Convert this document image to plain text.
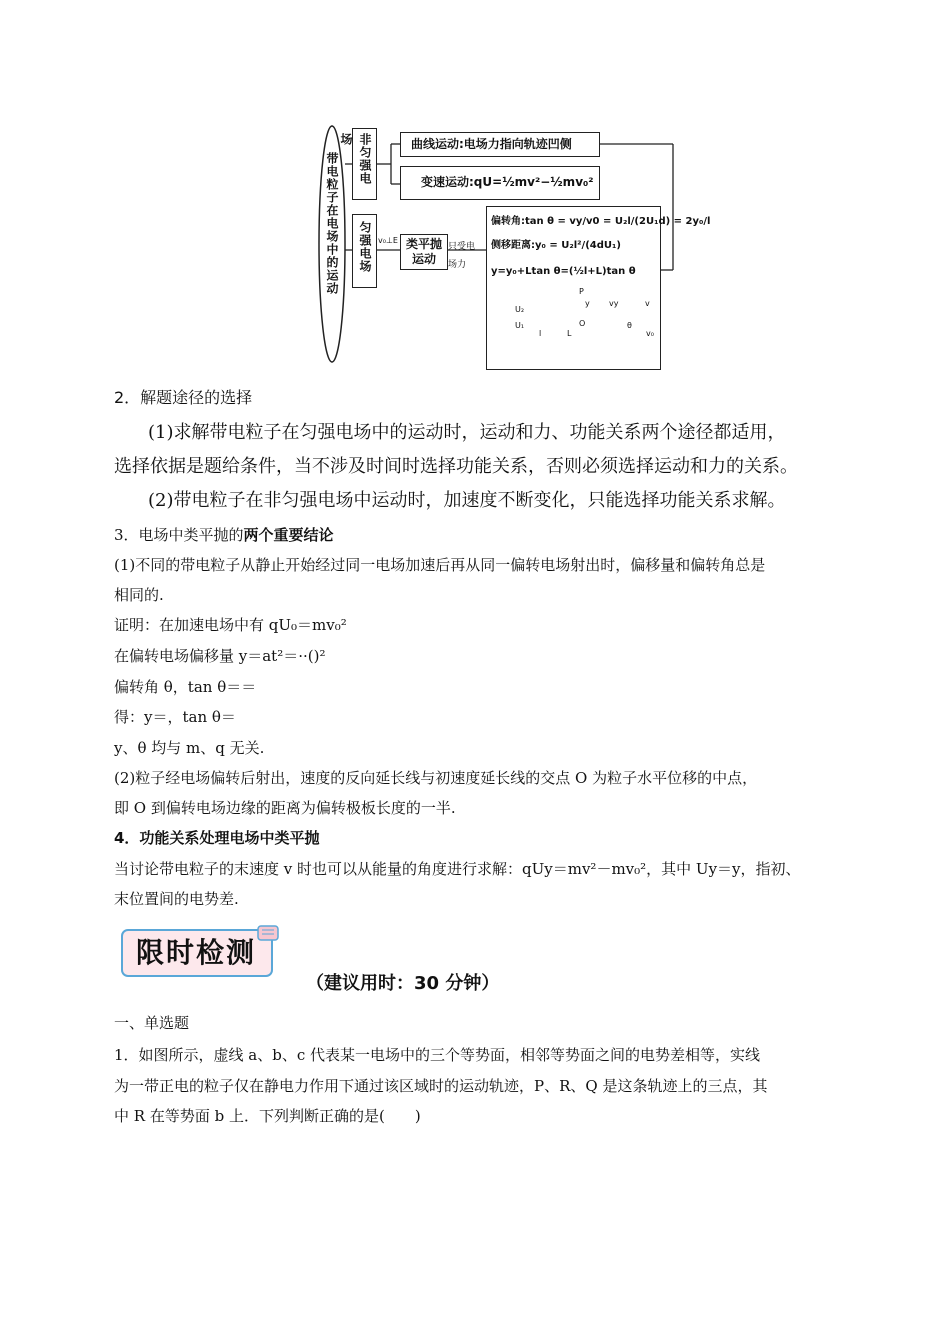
带电粒子在电场中的运动	非匀强电场
匀强电场
曲线运动:电场力指向轨迹凹侧
变速运动:qU=½mv²−½mv₀²
v₀⊥E 类平抛运动
只受电场力
偏转角:tan θ = vy/v0 = U₂l/(2U₁d) = 2y₀/l
侧移距离:y₀ = U₂l²/(4dU₁)
y=y₀+Ltan θ=(½l+L)tan θ
U₂
U₁
l	L
P
y
O
vy	v
θ
v₀
2．解题途径的选择
(1)求解带电粒子在匀强电场中的运动时，运动和力、功能关系两个途径都适用，
选择依据是题给条件，当不涉及时间时选择功能关系，否则必须选择运动和力的关系。
(2)带电粒子在非匀强电场中运动时，加速度不断变化，只能选择功能关系求解。
3．电场中类平抛的两个重要结论
(1)不同的带电粒子从静止开始经过同一电场加速后再从同一偏转电场射出时，偏移量和偏转角总是
相同的.
证明：在加速电场中有 qU₀＝mv₀²
在偏转电场偏移量 y＝at²＝··()²
偏转角 θ，tan θ＝＝
得：y＝，tan θ＝
y、θ 均与 m、q 无关.
(2)粒子经电场偏转后射出，速度的反向延长线与初速度延长线的交点 O 为粒子水平位移的中点，
即 O 到偏转电场边缘的距离为偏转极板长度的一半.
4．功能关系处理电场中类平抛
当讨论带电粒子的末速度 v 时也可以从能量的角度进行求解：qUy＝mv²－mv₀²，其中 Uy＝y，指初、
末位置间的电势差.
限时检测
（建议用时：30 分钟）
一、单选题
1．如图所示，虚线 a、b、c 代表某一电场中的三个等势面，相邻等势面之间的电势差相等，实线
为一带正电的粒子仅在静电力作用下通过该区域时的运动轨迹，P、R、Q 是这条轨迹上的三点，其
中 R 在等势面 b 上．下列判断正确的是(　　)
